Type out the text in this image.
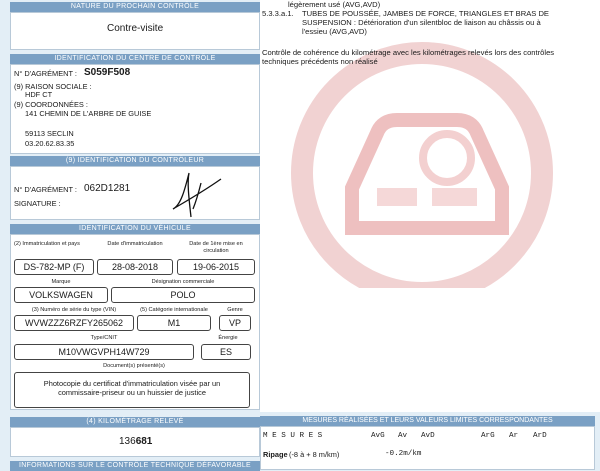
NATURE DU PROCHAIN CONTRÔLE
Contre-visite
IDENTIFICATION DU CENTRE DE CONTRÔLE
N° D'AGRÉMENT : S059F508
(9) RAISON SOCIALE :
HDF CT
(9) COORDONNÉES :
141 CHEMIN DE L'ARBRE DE GUISE
59113 SECLIN
03.20.62.83.35
(9) IDENTIFICATION DU CONTRÔLEUR
N° D'AGRÉMENT : 062D1281
SIGNATURE :
IDENTIFICATION DU VÉHICULE
(2) Immatriculation et pays	Date d'immatriculation	Date de 1ère mise en circulation
DS-782-MP (F)	28-08-2018	19-06-2015
Marque	Désignation commerciale
VOLKSWAGEN	POLO
(3) Numéro de série du type (VIN)	(5) Catégorie internationale	Genre
WVWZZZ6RZFY265062	M1	VP
Type/CNIT	Énergie
M10VWGVPH14W729	ES
Document(s) présenté(s)
Photocopie du certificat d'immatriculation visée par un
commissaire-priseur ou un huissier de justice
(4) KILOMÉTRAGE RELEVÉ
136681
INFORMATIONS SUR LE CONTRÔLE TECHNIQUE DÉFAVORABLE
légèrement usé (AVG,AVD)
5.3.3.a.1. TUBES DE POUSSÉE, JAMBES DE FORCE, TRIANGLES ET BRAS DE
SUSPENSION : Détérioration d'un silentbloc de liaison au châssis ou à
l'essieu (AVG,AVD)
Contrôle de cohérence du kilométrage avec les kilométrages relevés lors des contrôles
techniques précédents non réalisé
MESURES RÉALISÉES ET LEURS VALEURS LIMITES CORRESPONDANTES
M E S U R E S	AvG Av AvD	ArG Ar ArD
Ripage (-8 à + 8 m/km)	-0.2m/km
